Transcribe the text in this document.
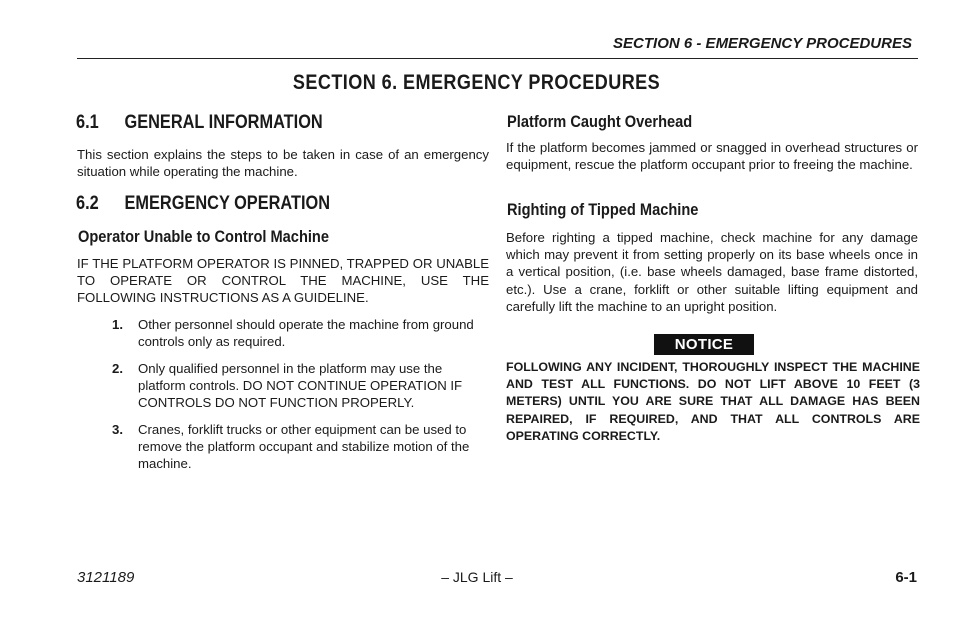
SECTION 6 - EMERGENCY PROCEDURES
SECTION 6. EMERGENCY PROCEDURES
6.1 GENERAL INFORMATION
This section explains the steps to be taken in case of an emergency situation while operating the machine.
6.2 EMERGENCY OPERATION
Operator Unable to Control Machine
IF THE PLATFORM OPERATOR IS PINNED, TRAPPED OR UNABLE TO OPERATE OR CONTROL THE MACHINE, USE THE FOLLOWING INSTRUCTIONS AS A GUIDELINE.
1. Other personnel should operate the machine from ground controls only as required.
2. Only qualified personnel in the platform may use the platform controls. DO NOT CONTINUE OPERATION IF CONTROLS DO NOT FUNCTION PROPERLY.
3. Cranes, forklift trucks or other equipment can be used to remove the platform occupant and stabilize motion of the machine.
Platform Caught Overhead
If the platform becomes jammed or snagged in overhead structures or equipment, rescue the platform occupant prior to freeing the machine.
Righting of Tipped Machine
Before righting a tipped machine, check machine for any damage which may prevent it from setting properly on its base wheels once in a vertical position, (i.e. base wheels damaged, base frame distorted, etc.). Use a crane, forklift or other suitable lifting equipment and carefully lift the machine to an upright position.
NOTICE
FOLLOWING ANY INCIDENT, THOROUGHLY INSPECT THE MACHINE AND TEST ALL FUNCTIONS. DO NOT LIFT ABOVE 10 FEET (3 METERS) UNTIL YOU ARE SURE THAT ALL DAMAGE HAS BEEN REPAIRED, IF REQUIRED, AND THAT ALL CONTROLS ARE OPERATING CORRECTLY.
3121189	– JLG Lift –	6-1
